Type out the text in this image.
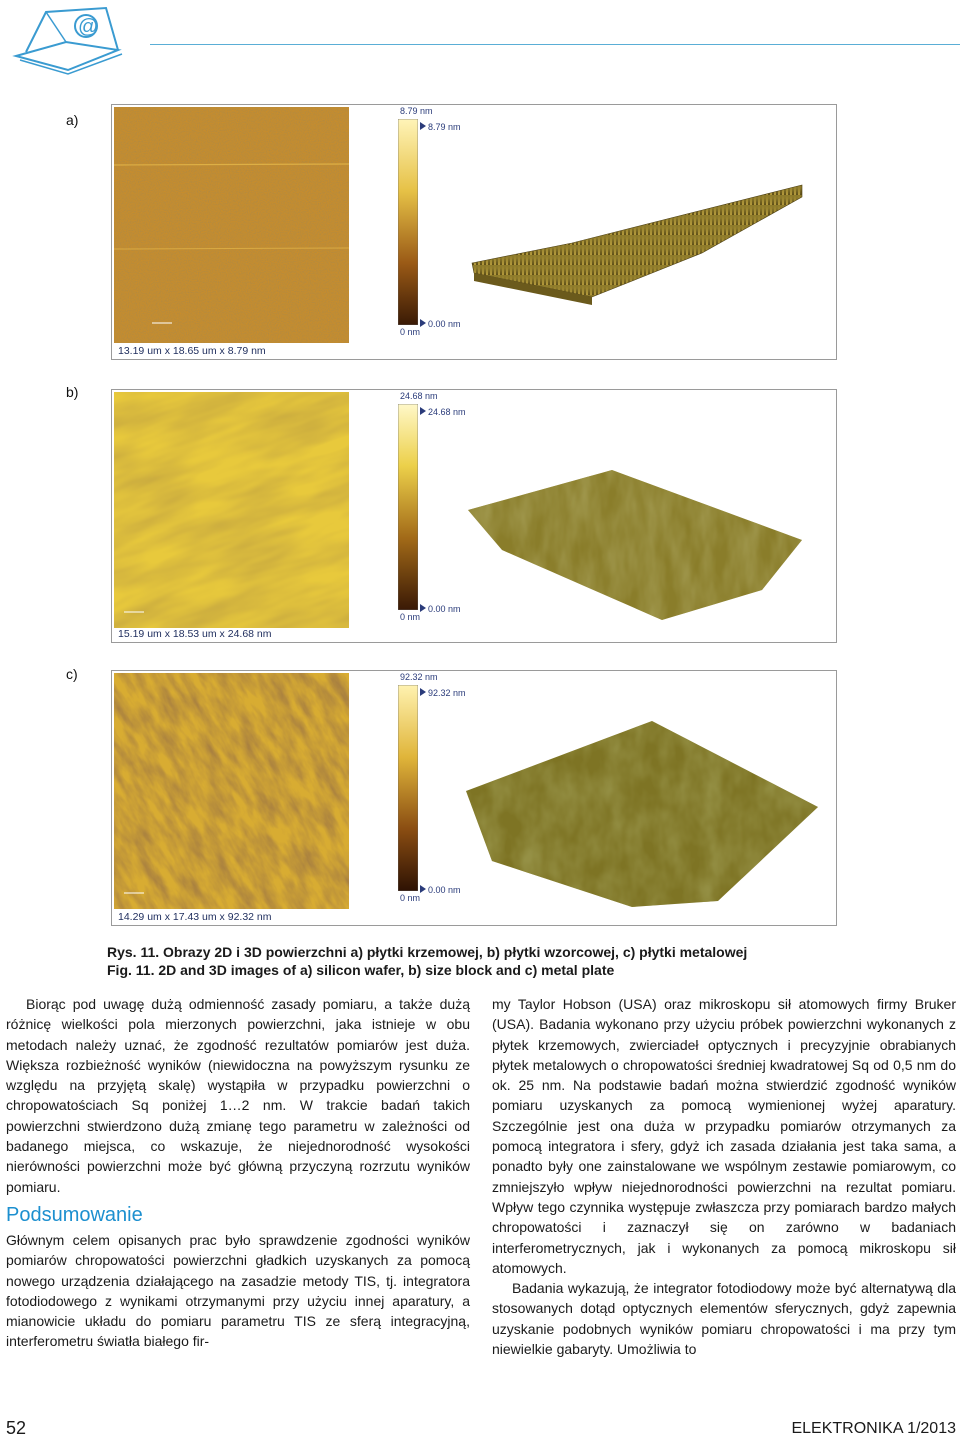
@
a)
b)
c)
13.19 um x 18.65 um x 8.79 nm
8.79 nm
8.79 nm
0.00 nm
0 nm
15.19 um x 18.53 um x 24.68 nm
24.68 nm
24.68 nm
0.00 nm
0 nm
14.29 um x 17.43 um x 92.32 nm
92.32 nm
92.32 nm
0.00 nm
0 nm
Rys. 11. Obrazy 2D i 3D powierzchni a) płytki krzemowej, b) płytki wzorcowej, c) płytki metalowej
Fig. 11. 2D and 3D images of a) silicon wafer, b) size block and c) metal plate

Biorąc pod uwagę dużą odmienność zasady pomiaru, a także dużą różnicę wielkości pola mierzonych powierzchni, jaka istnieje w obu metodach należy uznać, że zgodność rezultatów pomiarów jest duża. Większa rozbieżność wyników (niewidoczna na powyższym rysunku ze względu na przyjętą skalę) wystąpiła w przypadku powierzchni o chropowatościach Sq poniżej 1…2 nm. W trakcie badań takich powierzchni stwierdzono dużą zmianę tego parametru w zależności od badanego miejsca, co wskazuje, że niejednorodność wysokości nierówności powierzchni może być główną przyczyną rozrzutu wyników pomiaru.

Podsumowanie

Głównym celem opisanych prac było sprawdzenie zgodności wyników pomiarów chropowatości powierzchni gładkich uzyskanych za pomocą nowego urządzenia działającego na zasadzie metody TIS, tj. integratora fotodiodowego z wynikami otrzymanymi przy użyciu innej aparatury, a mianowicie układu do pomiaru parametru TIS ze sferą integracyjną, interferometru światła białego fir-

my Taylor Hobson (USA) oraz mikroskopu sił atomowych firmy Bruker (USA). Badania wykonano przy użyciu próbek powierzchni wykonanych z płytek krzemowych, zwierciadeł optycznych i precyzyjnie obrabianych płytek metalowych o chropowatości średniej kwadratowej Sq od 0,5 nm do ok. 25 nm. Na podstawie badań można stwierdzić zgodność wyników pomiaru uzyskanych za pomocą wymienionej wyżej aparatury. Szczególnie jest ona duża w przypadku pomiarów otrzymanych za pomocą integratora i sfery, gdyż ich zasada działania jest taka sama, a ponadto były one zainstalowane we wspólnym zestawie pomiarowym, co zmniejszyło wpływ niejednorodności powierzchni na rezultat pomiaru. Wpływ tego czynnika występuje zwłaszcza przy pomiarach bardzo małych chropowatości i zaznaczył się on zarówno w badaniach interferometrycznych, jak i wykonanych za pomocą mikroskopu sił atomowych.

Badania wykazują, że integrator fotodiodowy może być alternatywą dla stosowanych dotąd optycznych elementów sferycznych, gdyż zapewnia uzyskanie podobnych wyników pomiaru chropowatości i ma przy tym niewielkie gabaryty. Umożliwia to

52	ELEKTRONIKA 1/2013
